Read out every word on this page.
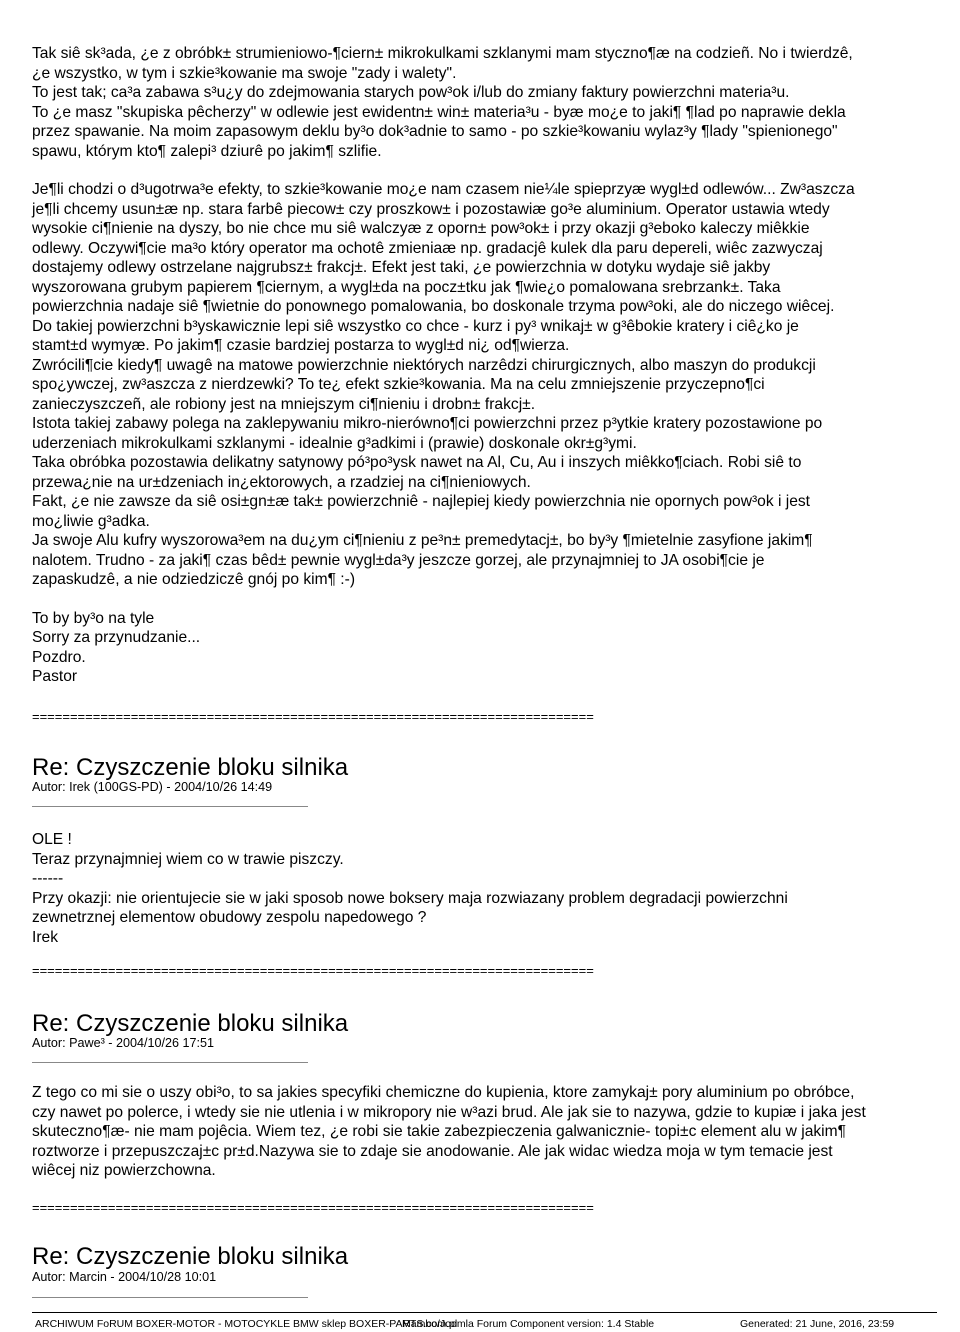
Tak siê sk³ada, ¿e z obróbk± strumieniowo-¶ciern± mikrokulkami szklanymi mam styczno¶æ na codzieñ. No i twierdzê,
¿e wszystko, w tym i szkie³kowanie ma swoje "zady i walety".
To jest tak; ca³a zabawa s³u¿y do zdejmowania starych pow³ok i/lub do zmiany faktury powierzchni materia³u.
To ¿e masz "skupiska pêcherzy" w odlewie jest ewidentn± win± materia³u - byæ mo¿e to jaki¶ ¶lad po naprawie dekla
przez spawanie. Na moim zapasowym deklu by³o dok³adnie to samo - po szkie³kowaniu wylaz³y ¶lady "spienionego"
spawu, którym kto¶ zalepi³ dziurê po jakim¶ szlifie.

Je¶li chodzi o d³ugotrwa³e efekty, to szkie³kowanie mo¿e nam czasem nie¼le spieprzyæ wygl±d odlewów... Zw³aszcza
je¶li chcemy usun±æ np. stara farbê piecow± czy proszkow± i pozostawiæ go³e aluminium. Operator ustawia wtedy
wysokie ci¶nienie na dyszy, bo nie chce mu siê walczyæ z oporn± pow³ok± i przy okazji g³eboko kaleczy miêkkie
odlewy. Oczywi¶cie ma³o który operator ma ochotê zmieniaæ np. gradacjê kulek dla paru depereli, wiêc zazwyczaj
dostajemy odlewy ostrzelane najgrubsz± frakcj±. Efekt jest taki, ¿e powierzchnia w dotyku wydaje siê jakby
wyszorowana grubym papierem ¶ciernym, a wygl±da na pocz±tku jak ¶wie¿o pomalowana srebrzank±. Taka
powierzchnia nadaje siê ¶wietnie do ponownego pomalowania, bo doskonale trzyma pow³oki, ale do niczego wiêcej.
Do takiej powierzchni b³yskawicznie lepi siê wszystko co chce - kurz i py³ wnikaj± w g³êbokie kratery i ciê¿ko je
stamt±d wymyæ. Po jakim¶ czasie bardziej postarza to wygl±d ni¿ od¶wierza.
Zwrócili¶cie kiedy¶ uwagê na matowe powierzchnie niektórych narzêdzi chirurgicznych, albo maszyn do produkcji
spo¿ywczej, zw³aszcza z nierdzewki? To te¿ efekt szkie³kowania. Ma na celu zmniejszenie przyczepno¶ci
zanieczyszczeñ, ale robiony jest na mniejszym ci¶nieniu i drobn± frakcj±.
Istota takiej zabawy polega na zaklepywaniu mikro-nierówno¶ci powierzchni przez p³ytkie kratery pozostawione po
uderzeniach mikrokulkami szklanymi - idealnie g³adkimi i (prawie) doskonale okr±g³ymi.
Taka obróbka pozostawia delikatny satynowy pó³po³ysk nawet na Al, Cu, Au i inszych miêkko¶ciach. Robi siê to
przewa¿nie na ur±dzeniach in¿ektorowych, a rzadziej na ci¶nieniowych.
Fakt, ¿e nie zawsze da siê osi±gn±æ tak± powierzchniê - najlepiej kiedy powierzchnia nie opornych pow³ok i jest
mo¿liwie g³adka.
Ja swoje Alu kufry wyszorowa³em na du¿ym ci¶nieniu z pe³n± premedytacj±, bo by³y ¶mietelnie zasyfione jakim¶
nalotem. Trudno - za jaki¶ czas bêd± pewnie wygl±da³y jeszcze gorzej, ale przynajmniej to JA osobi¶cie je
zapaskudzê, a nie odziedziczê gnój po kim¶ :-)

To by by³o na tyle
Sorry za przynudzanie...
Pozdro.
Pastor

==========================================================================
Re: Czyszczenie bloku silnika
Autor: Irek (100GS-PD) - 2004/10/26 14:49

OLE !
Teraz przynajmniej wiem co w trawie piszczy.
------
Przy okazji: nie orientujecie sie w jaki sposob nowe boksery maja rozwiazany problem degradacji powierzchni
zewnetrznej elementow obudowy zespolu napedowego ?
Irek

==========================================================================
Re: Czyszczenie bloku silnika
Autor: Pawe³ - 2004/10/26 17:51

Z tego co mi sie o uszy obi³o, to sa jakies specyfiki chemiczne do kupienia, ktore zamykaj± pory aluminium po obróbce,
czy nawet po polerce, i wtedy sie nie utlenia i w mikropory nie w³azi brud. Ale jak sie to nazywa, gdzie to kupiæ i jaka jest
skuteczno¶æ- nie mam pojêcia. Wiem tez, ¿e robi sie takie zabezpieczenia galwanicznie- topi±c element alu w jakim¶
roztworze i przepuszczaj±c pr±d.Nazywa sie to zdaje sie anodowanie. Ale jak widac wiedza moja w tym temacie jest
wiêcej niz powierzchowna.

==========================================================================
Re: Czyszczenie bloku silnika
Autor: Marcin - 2004/10/28 10:01
ARCHIWUM FoRUM BOXER-MOTOR - MOTOCYKLE BMW sklep BOXER-PARTS.com.pl
Mambo/Joomla Forum Component version: 1.4 Stable	Generated: 21 June, 2016, 23:59
